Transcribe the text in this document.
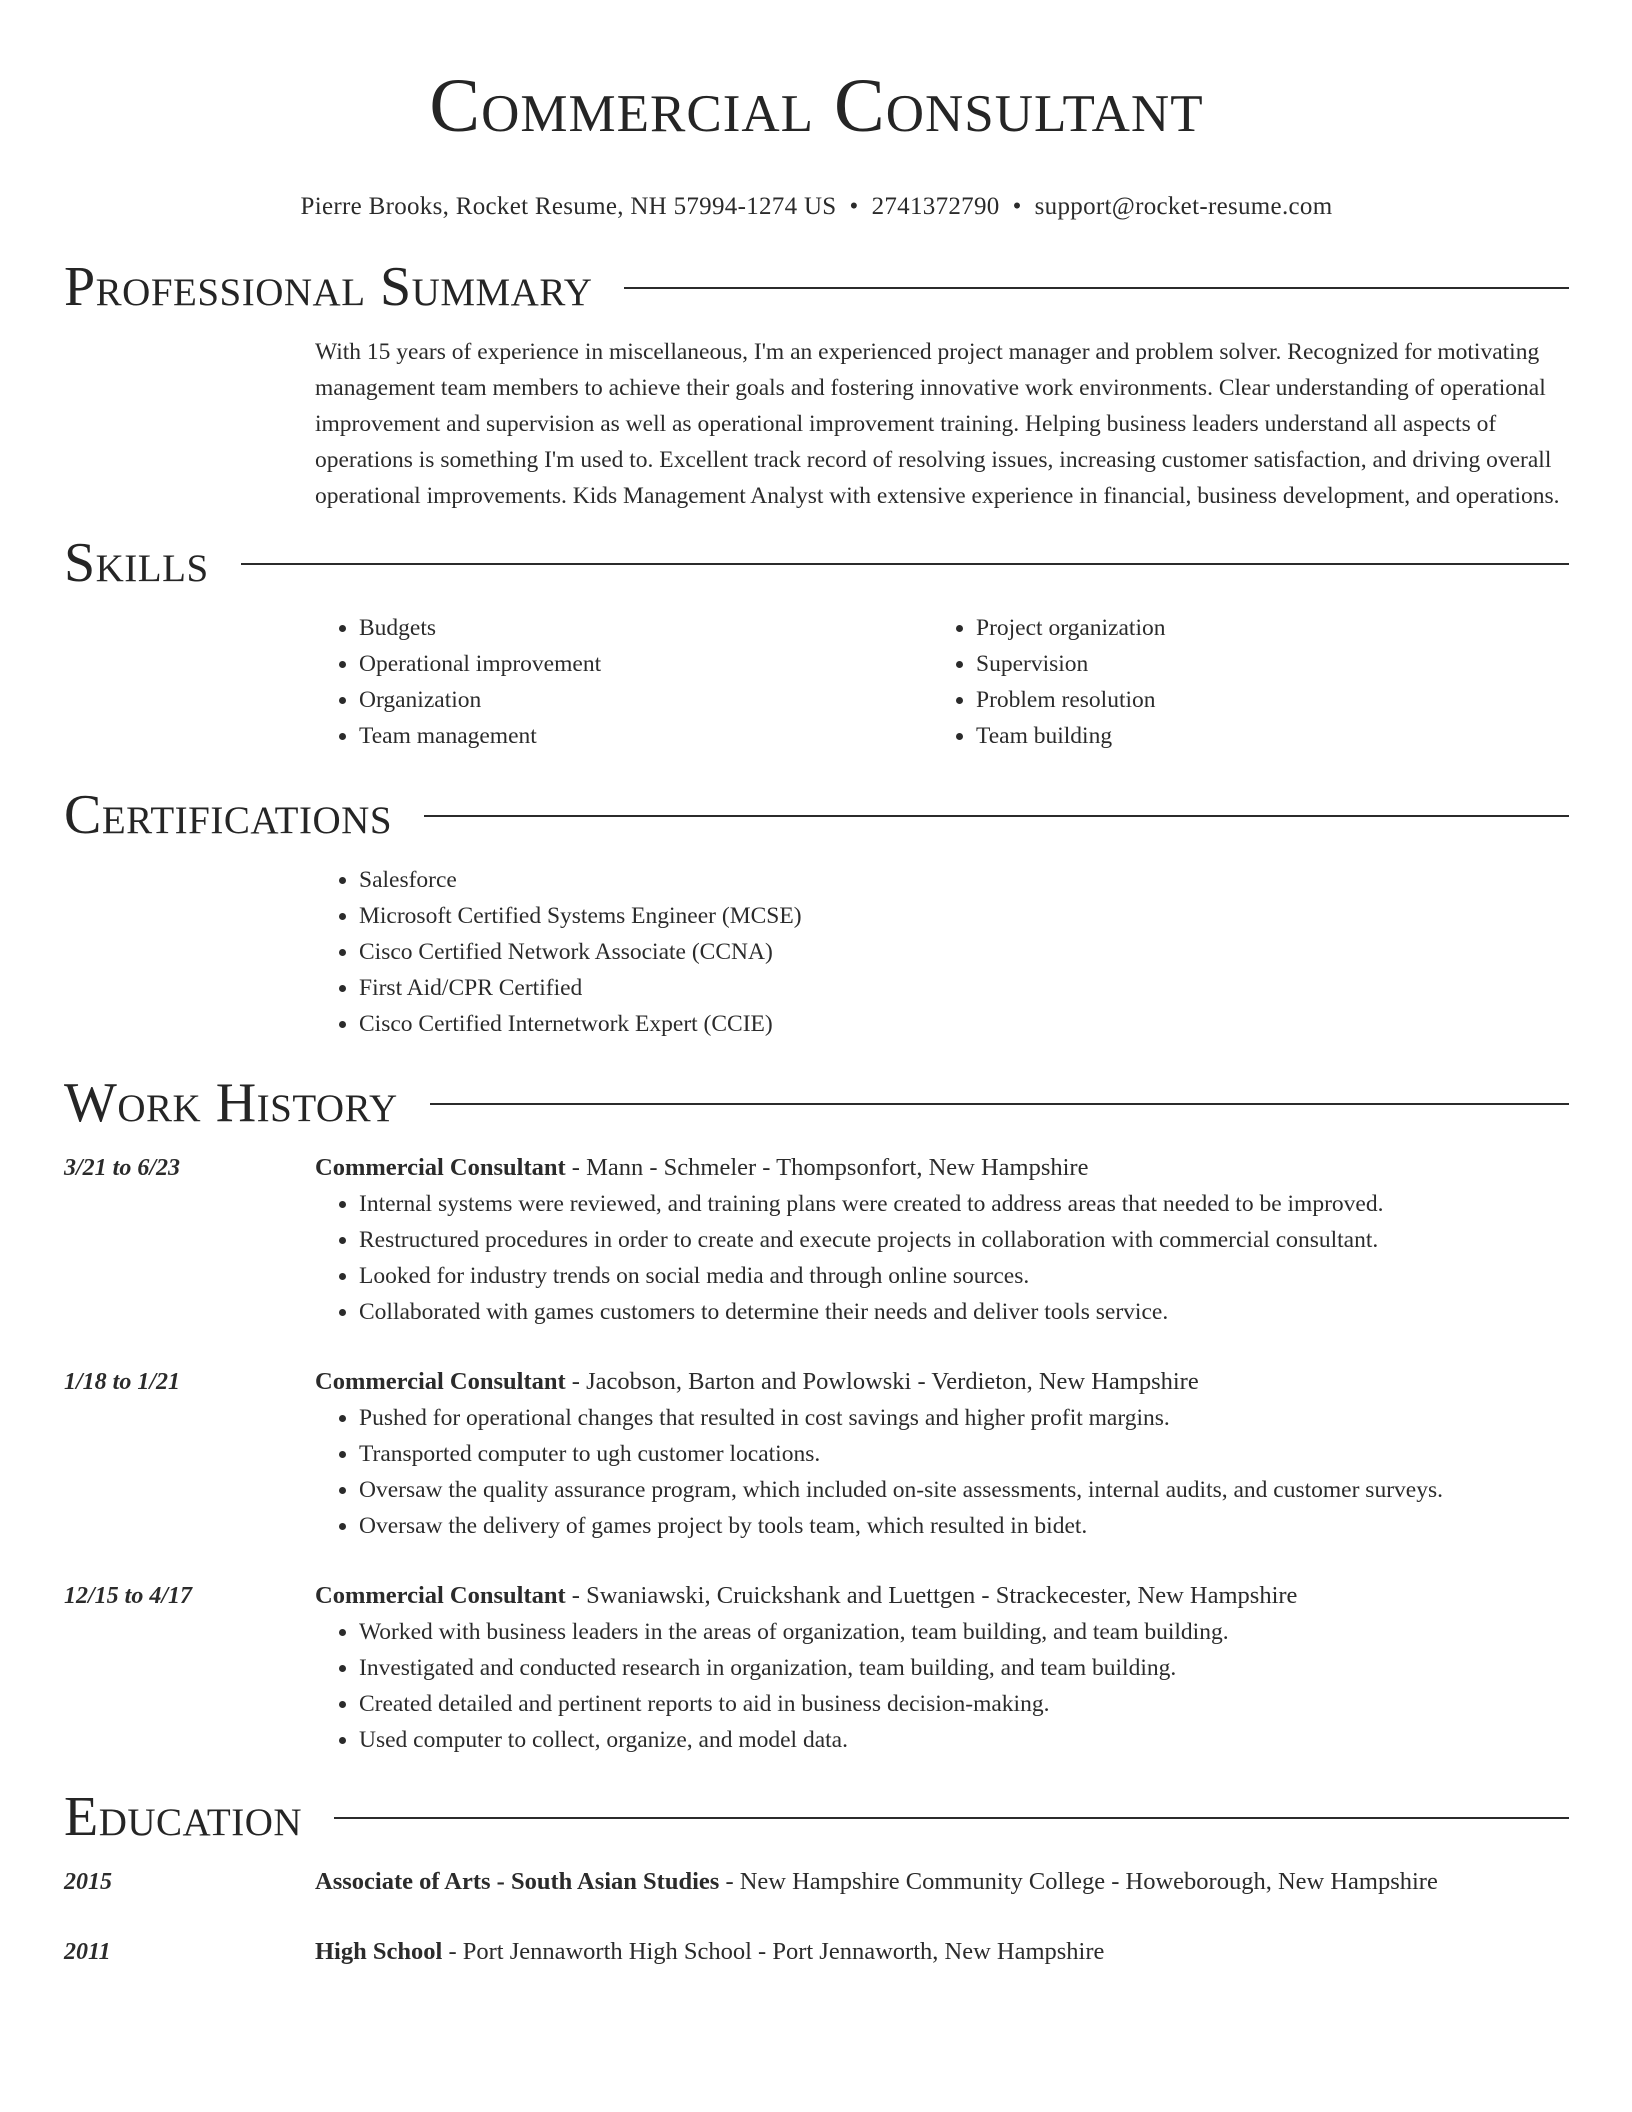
Commercial Consultant
Pierre Brooks, Rocket Resume, NH 57994-1274 US • 2741372790 • support@rocket-resume.com
Professional Summary

With 15 years of experience in miscellaneous, I'm an experienced project manager and problem solver. Recognized for motivating management team members to achieve their goals and fostering innovative work environments. Clear understanding of operational improvement and supervision as well as operational improvement training. Helping business leaders understand all aspects of operations is something I'm used to. Excellent track record of resolving issues, increasing customer satisfaction, and driving overall operational improvements. Kids Management Analyst with extensive experience in financial, business development, and operations.

Skills
• Budgets
• Operational improvement
• Organization
• Team management
• Project organization
• Supervision
• Problem resolution
• Team building
Certifications
• Salesforce
• Microsoft Certified Systems Engineer (MCSE)
• Cisco Certified Network Associate (CCNA)
• First Aid/CPR Certified
• Cisco Certified Internetwork Expert (CCIE)
Work History
3/21 to 6/23	Commercial Consultant - Mann - Schmeler - Thompsonfort, New Hampshire
• Internal systems were reviewed, and training plans were created to address areas that needed to be improved.
• Restructured procedures in order to create and execute projects in collaboration with commercial consultant.
• Looked for industry trends on social media and through online sources.
• Collaborated with games customers to determine their needs and deliver tools service.
1/18 to 1/21	Commercial Consultant - Jacobson, Barton and Powlowski - Verdieton, New Hampshire
• Pushed for operational changes that resulted in cost savings and higher profit margins.
• Transported computer to ugh customer locations.
• Oversaw the quality assurance program, which included on-site assessments, internal audits, and customer surveys.
• Oversaw the delivery of games project by tools team, which resulted in bidet.
12/15 to 4/17	Commercial Consultant - Swaniawski, Cruickshank and Luettgen - Strackecester, New Hampshire
• Worked with business leaders in the areas of organization, team building, and team building.
• Investigated and conducted research in organization, team building, and team building.
• Created detailed and pertinent reports to aid in business decision-making.
• Used computer to collect, organize, and model data.
Education
2015	Associate of Arts - South Asian Studies - New Hampshire Community College - Howeborough, New Hampshire
2011	High School - Port Jennaworth High School - Port Jennaworth, New Hampshire
